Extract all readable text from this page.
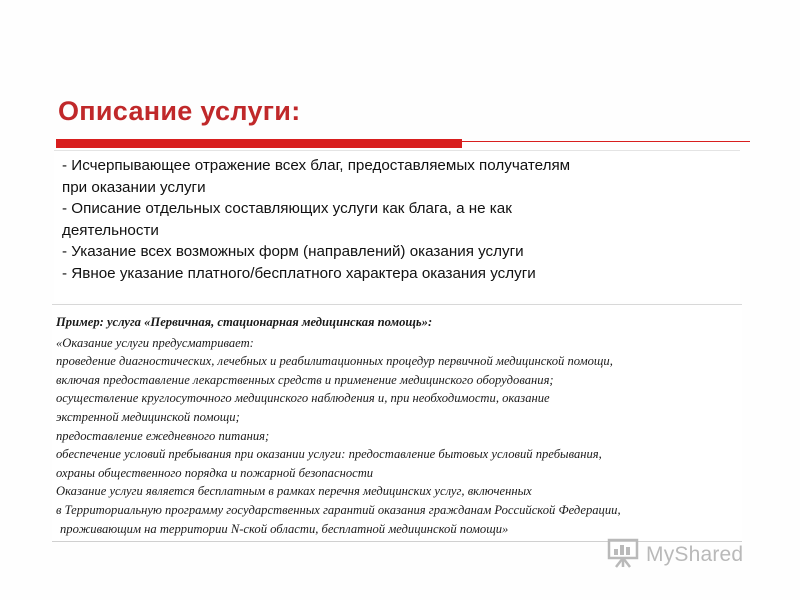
Описание услуги:
- Исчерпывающее отражение всех благ, предоставляемых получателям
при оказании услуги
- Описание отдельных составляющих услуги как блага, а не как
деятельности
- Указание всех возможных форм (направлений) оказания услуги
- Явное указание платного/бесплатного характера оказания услуги
Пример: услуга «Первичная, стационарная медицинская помощь»:
«Оказание услуги предусматривает:
проведение диагностических, лечебных и реабилитационных процедур первичной медицинской помощи,
включая предоставление лекарственных средств и применение медицинского оборудования;
осуществление круглосуточного медицинского наблюдения и, при необходимости, оказание
экстренной медицинской помощи;
предоставление ежедневного питания;
обеспечение условий пребывания при оказании услуги: предоставление бытовых условий пребывания,
охраны общественного порядка и пожарной безопасности
Оказание услуги является бесплатным в рамках перечня медицинских услуг, включенных
в Территориальную программу государственных гарантий оказания гражданам Российской Федерации,
проживающим на территории N-ской области, бесплатной медицинской помощи»
MyShared
